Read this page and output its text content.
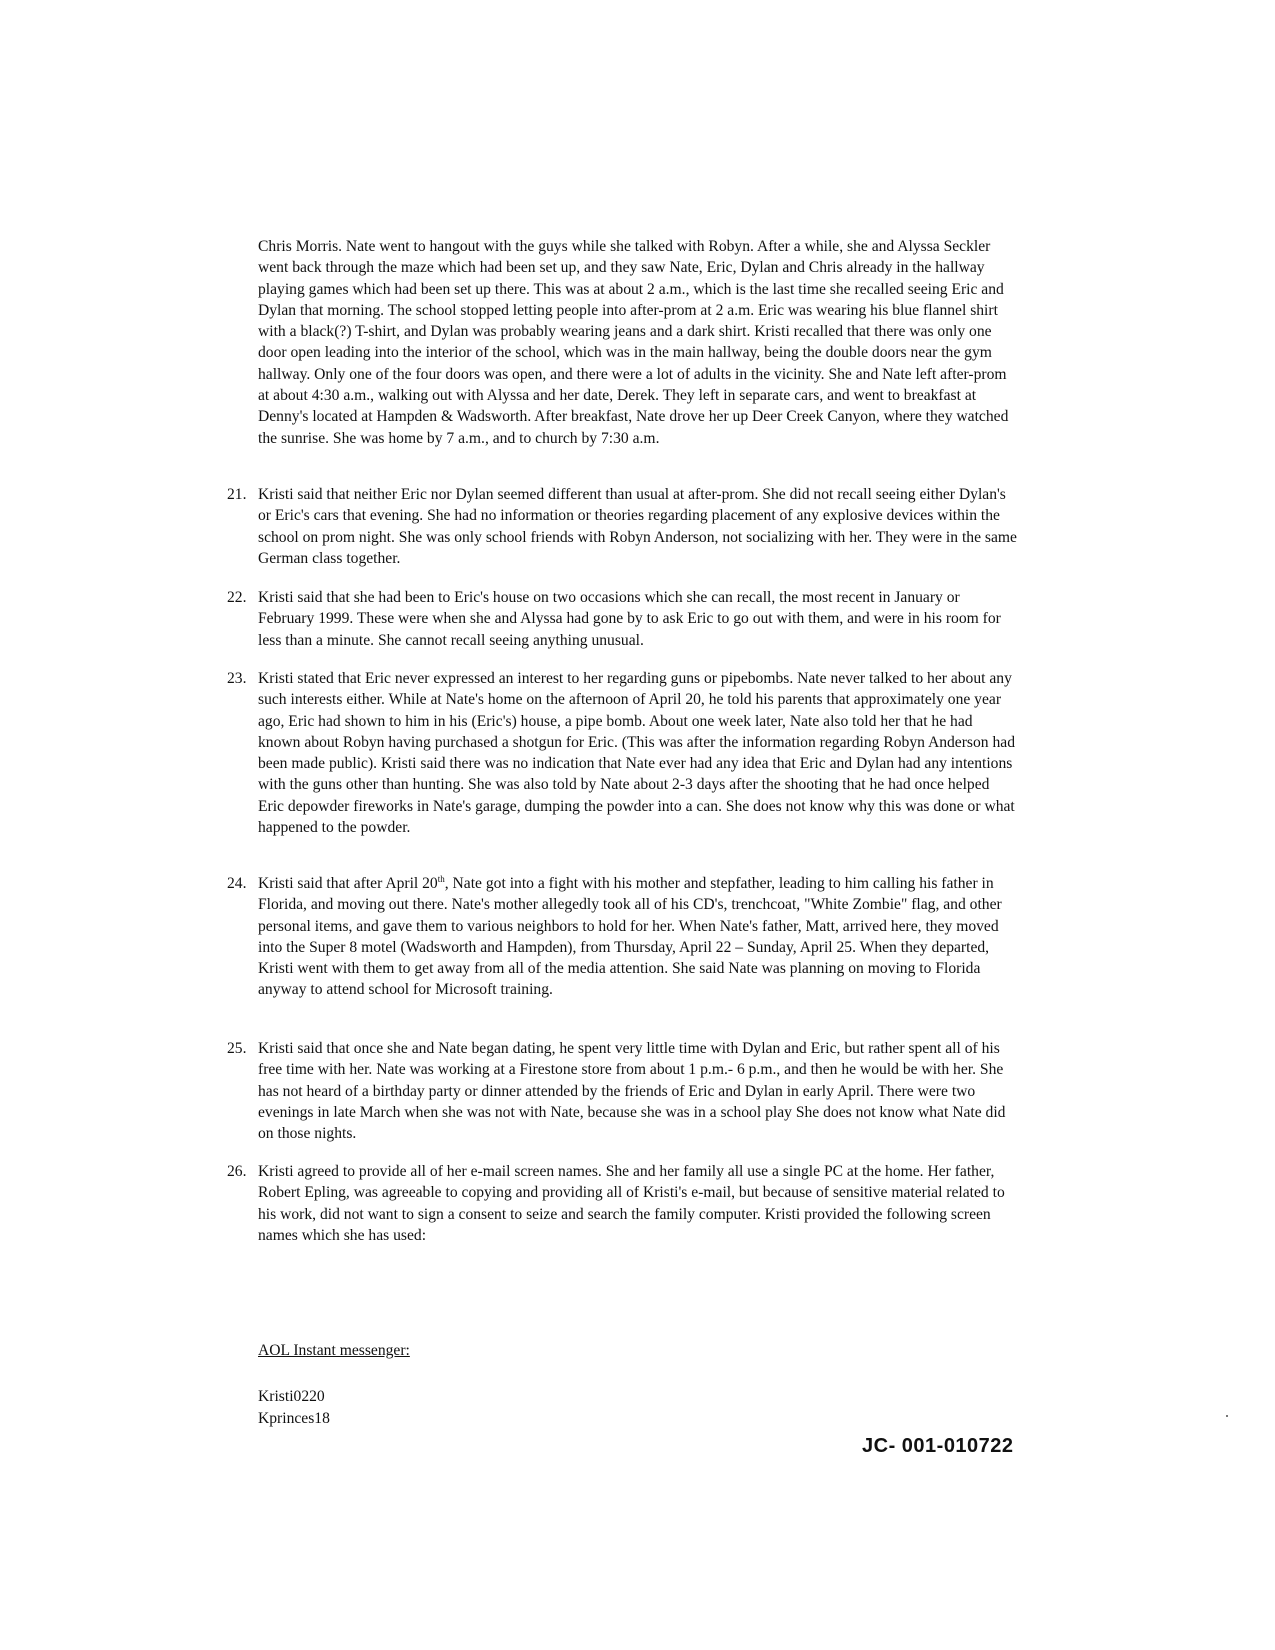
Chris Morris. Nate went to hangout with the guys while she talked with Robyn. After a while, she and Alyssa Seckler went back through the maze which had been set up, and they saw Nate, Eric, Dylan and Chris already in the hallway playing games which had been set up there. This was at about 2 a.m., which is the last time she recalled seeing Eric and Dylan that morning. The school stopped letting people into after-prom at 2 a.m. Eric was wearing his blue flannel shirt with a black(?) T-shirt, and Dylan was probably wearing jeans and a dark shirt. Kristi recalled that there was only one door open leading into the interior of the school, which was in the main hallway, being the double doors near the gym hallway. Only one of the four doors was open, and there were a lot of adults in the vicinity. She and Nate left after-prom at about 4:30 a.m., walking out with Alyssa and her date, Derek. They left in separate cars, and went to breakfast at Denny's located at Hampden & Wadsworth. After breakfast, Nate drove her up Deer Creek Canyon, where they watched the sunrise. She was home by 7 a.m., and to church by 7:30 a.m.

21. Kristi said that neither Eric nor Dylan seemed different than usual at after-prom. She did not recall seeing either Dylan's or Eric's cars that evening. She had no information or theories regarding placement of any explosive devices within the school on prom night. She was only school friends with Robyn Anderson, not socializing with her. They were in the same German class together.
22. Kristi said that she had been to Eric's house on two occasions which she can recall, the most recent in January or February 1999. These were when she and Alyssa had gone by to ask Eric to go out with them, and were in his room for less than a minute. She cannot recall seeing anything unusual.
23. Kristi stated that Eric never expressed an interest to her regarding guns or pipebombs. Nate never talked to her about any such interests either. While at Nate's home on the afternoon of April 20, he told his parents that approximately one year ago, Eric had shown to him in his (Eric's) house, a pipe bomb. About one week later, Nate also told her that he had known about Robyn having purchased a shotgun for Eric. (This was after the information regarding Robyn Anderson had been made public). Kristi said there was no indication that Nate ever had any idea that Eric and Dylan had any intentions with the guns other than hunting. She was also told by Nate about 2-3 days after the shooting that he had once helped Eric depowder fireworks in Nate's garage, dumping the powder into a can. She does not know why this was done or what happened to the powder.
24. Kristi said that after April 20th, Nate got into a fight with his mother and stepfather, leading to him calling his father in Florida, and moving out there. Nate's mother allegedly took all of his CD's, trenchcoat, "White Zombie" flag, and other personal items, and gave them to various neighbors to hold for her. When Nate's father, Matt, arrived here, they moved into the Super 8 motel (Wadsworth and Hampden), from Thursday, April 22 – Sunday, April 25. When they departed, Kristi went with them to get away from all of the media attention. She said Nate was planning on moving to Florida anyway to attend school for Microsoft training.
25. Kristi said that once she and Nate began dating, he spent very little time with Dylan and Eric, but rather spent all of his free time with her. Nate was working at a Firestone store from about 1 p.m.- 6 p.m., and then he would be with her. She has not heard of a birthday party or dinner attended by the friends of Eric and Dylan in early April. There were two evenings in late March when she was not with Nate, because she was in a school play She does not know what Nate did on those nights.
26. Kristi agreed to provide all of her e-mail screen names. She and her family all use a single PC at the home. Her father, Robert Epling, was agreeable to copying and providing all of Kristi's e-mail, but because of sensitive material related to his work, did not want to sign a consent to seize and search the family computer. Kristi provided the following screen names which she has used:
AOL Instant messenger:
Kristi0220
Kprinces18
JC- 001-010722
